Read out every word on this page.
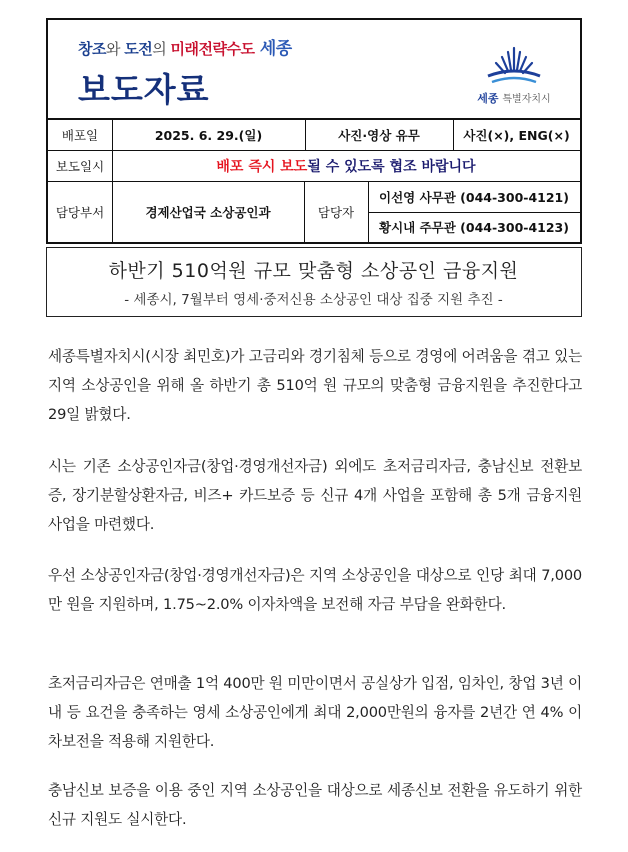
창조와 도전의 미래전략수도 세종
보도자료	세종 특별자치시
배포일	2025. 6. 29.(일)	사진·영상 유무	사진(×), ENG(×)
보도일시	배포 즉시 보도될 수 있도록 협조 바랍니다
담당부서	경제산업국 소상공인과	담당자
이선영 사무관 (044-300-4121)
황시내 주무관 (044-300-4123)
하반기 510억원 규모 맞춤형 소상공인 금융지원
- 세종시, 7월부터 영세·중저신용 소상공인 대상 집중 지원 추진 -
세종특별자치시(시장 최민호)가 고금리와 경기침체 등으로 경영에 어려움을 겪고 있는 지역 소상공인을 위해 올 하반기 총 510억 원 규모의 맞춤형 금융지원을 추진한다고 29일 밝혔다.
시는 기존 소상공인자금(창업·경영개선자금) 외에도 초저금리자금, 충남신보 전환보증, 장기분할상환자금, 비즈+ 카드보증 등 신규 4개 사업을 포함해 총 5개 금융지원 사업을 마련했다.
우선 소상공인자금(창업·경영개선자금)은 지역 소상공인을 대상으로 인당 최대 7,000만 원을 지원하며, 1.75~2.0% 이자차액을 보전해 자금 부담을 완화한다.
초저금리자금은 연매출 1억 400만 원 미만이면서 공실상가 입점, 임차인, 창업 3년 이내 등 요건을 충족하는 영세 소상공인에게 최대 2,000만원의 융자를 2년간 연 4% 이차보전을 적용해 지원한다.
충남신보 보증을 이용 중인 지역 소상공인을 대상으로 세종신보 전환을 유도하기 위한 신규 지원도 실시한다.
